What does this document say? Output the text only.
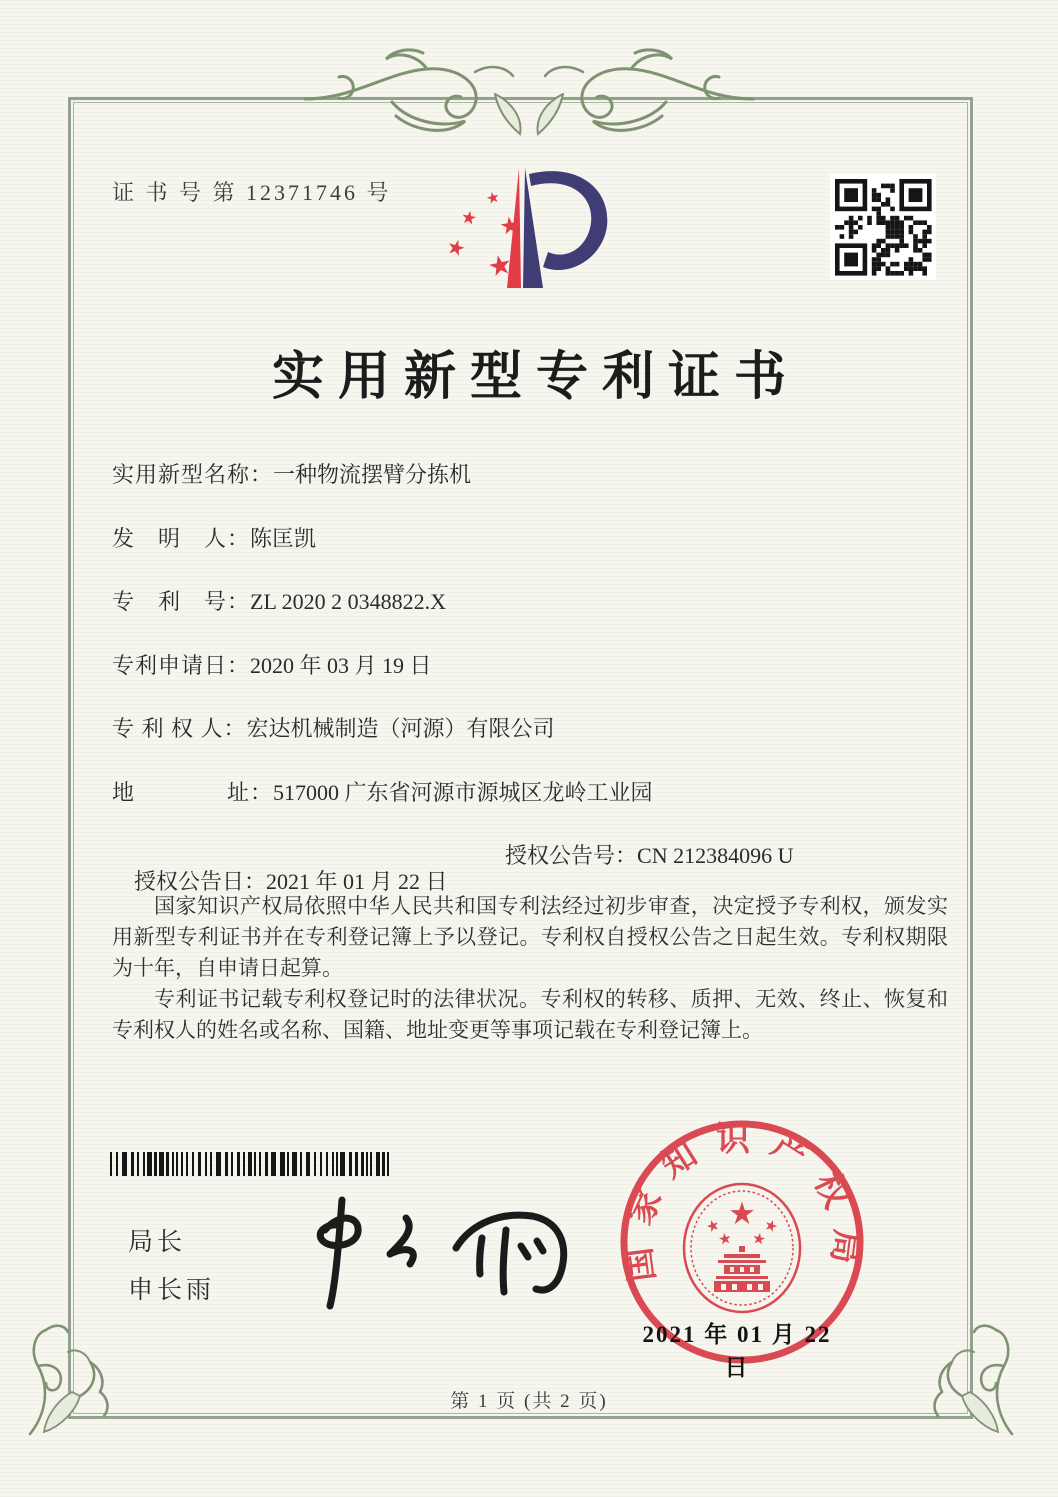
证 书 号 第 12371746 号
实用新型专利证书
实用新型名称：一种物流摆臂分拣机
发　明　人：陈匡凯
专　利　号：ZL 2020 2 0348822.X
专利申请日：2020 年 03 月 19 日
专 利 权 人：宏达机械制造（河源）有限公司
地　　　　址：517000 广东省河源市源城区龙岭工业园

授权公告日：2021 年 01 月 22 日

授权公告号：CN 212384096 U

国家知识产权局依照中华人民共和国专利法经过初步审查，决定授予专利权，颁发实用新型专利证书并在专利登记簿上予以登记。专利权自授权公告之日起生效。专利权期限为十年，自申请日起算。

专利证书记载专利权登记时的法律状况。专利权的转移、质押、无效、终止、恢复和专利权人的姓名或名称、国籍、地址变更等事项记载在专利登记簿上。

局长
申长雨
国家知识产权局
2021 年 01 月 22 日
第 1 页 (共 2 页)
